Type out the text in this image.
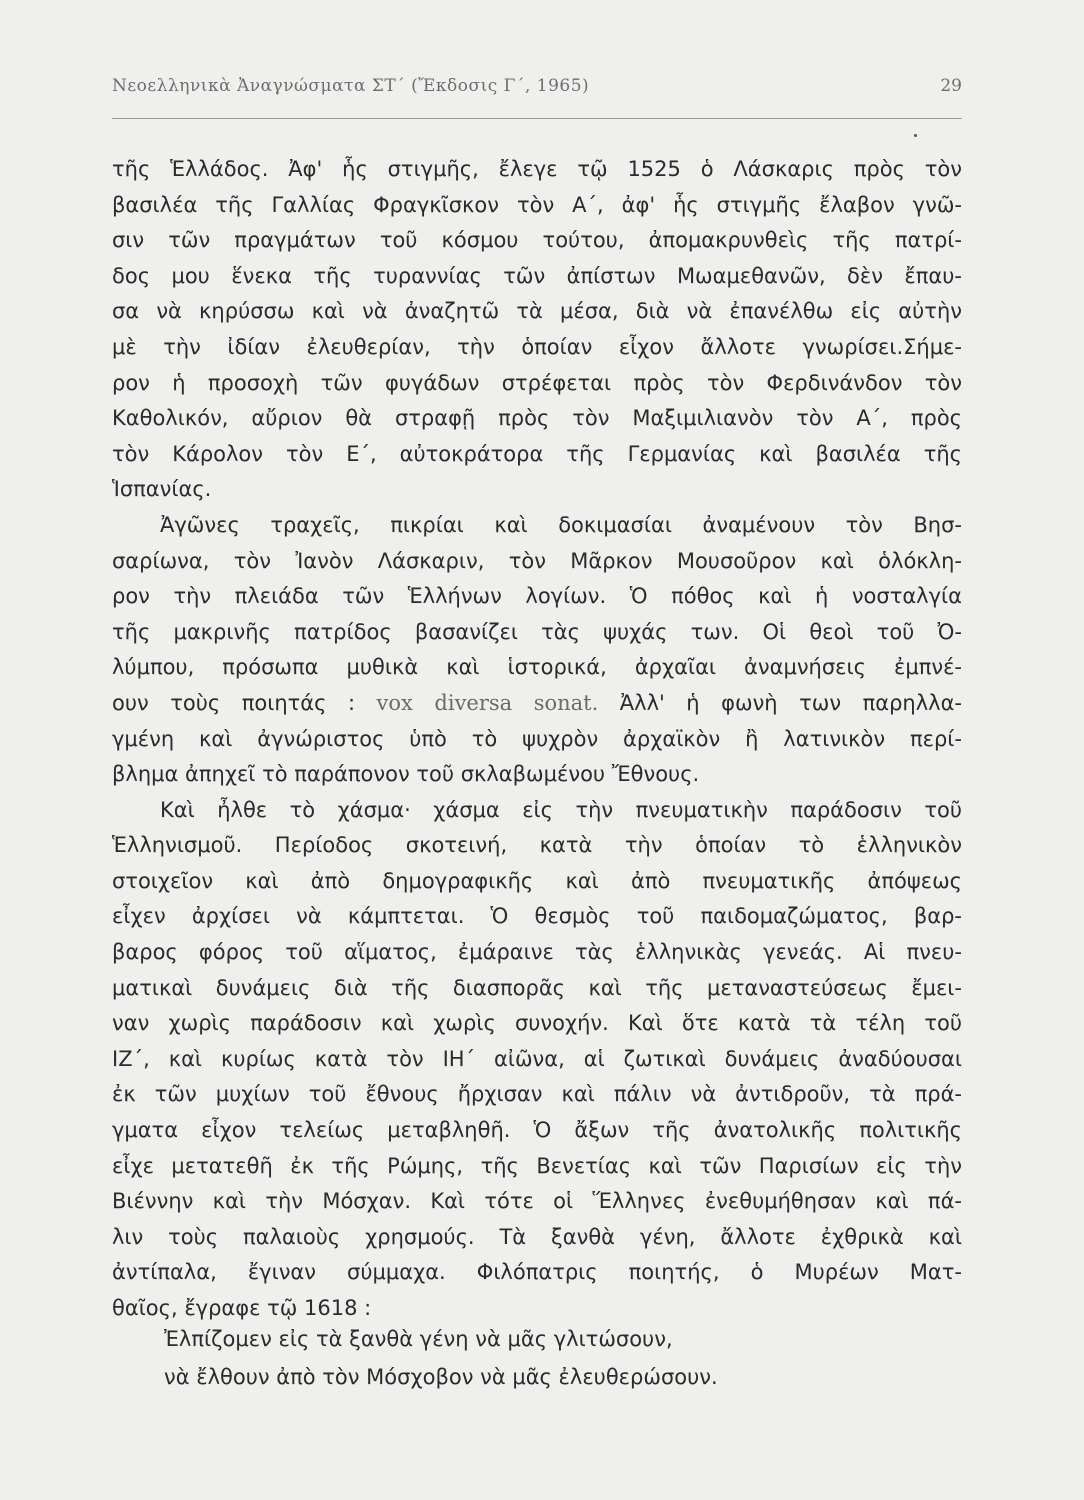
Νεοελληνικὰ Ἀναγνώσματα ΣΤ΄ (Ἔκδοσις Γ΄, 1965)	29
τῆς Ἑλλάδος. Ἀφ' ἧς στιγμῆς, ἔλεγε τῷ 1525 ὁ Λάσκαρις πρὸς τὸν
βασιλέα τῆς Γαλλίας Φραγκῖσκον τὸν Α΄, ἀφ' ἧς στιγμῆς ἔλαβον γνῶ-
σιν τῶν πραγμάτων τοῦ κόσμου τούτου, ἀπομακρυνθεὶς τῆς πατρί-
δος μου ἕνεκα τῆς τυραννίας τῶν ἀπίστων Μωαμεθανῶν, δὲν ἔπαυ-
σα νὰ κηρύσσω καὶ νὰ ἀναζητῶ τὰ μέσα, διὰ νὰ ἐπανέλθω εἰς αὐτὴν
μὲ τὴν ἰδίαν ἐλευθερίαν, τὴν ὁποίαν εἶχον ἄλλοτε γνωρίσει.Σήμε-
ρον ἡ προσοχὴ τῶν φυγάδων στρέφεται πρὸς τὸν Φερδινάνδον τὸν
Καθολικόν, αὔριον θὰ στραφῇ πρὸς τὸν Μαξιμιλιανὸν τὸν Α΄, πρὸς
τὸν Κάρολον τὸν Ε΄, αὐτοκράτορα τῆς Γερμανίας καὶ βασιλέα τῆς
Ἱσπανίας.
Ἀγῶνες τραχεῖς, πικρίαι καὶ δοκιμασίαι ἀναμένουν τὸν Βησ-
σαρίωνα, τὸν Ἰανὸν Λάσκαριν, τὸν Μᾶρκον Μουσοῦρον καὶ ὁλόκλη-
ρον τὴν πλειάδα τῶν Ἑλλήνων λογίων. Ὁ πόθος καὶ ἡ νοσταλγία
τῆς μακρινῆς πατρίδος βασανίζει τὰς ψυχάς των. Οἱ θεοὶ τοῦ Ὀ-
λύμπου, πρόσωπα μυθικὰ καὶ ἱστορικά, ἀρχαῖαι ἀναμνήσεις ἐμπνέ-
ουν τοὺς ποιητάς : vox diversa sonat. Ἀλλ' ἡ φωνὴ των παρηλλα-
γμένη καὶ ἀγνώριστος ὑπὸ τὸ ψυχρὸν ἀρχαϊκὸν ἢ λατινικὸν περί-
βλημα ἀπηχεῖ τὸ παράπονον τοῦ σκλαβωμένου Ἔθνους.
Καὶ ἦλθε τὸ χάσμα· χάσμα εἰς τὴν πνευματικὴν παράδοσιν τοῦ
Ἑλληνισμοῦ. Περίοδος σκοτεινή, κατὰ τὴν ὁποίαν τὸ ἑλληνικὸν
στοιχεῖον καὶ ἀπὸ δημογραφικῆς καὶ ἀπὸ πνευματικῆς ἀπόψεως
εἶχεν ἀρχίσει νὰ κάμπτεται. Ὁ θεσμὸς τοῦ παιδομαζώματος, βαρ-
βαρος φόρος τοῦ αἵματος, ἐμάραινε τὰς ἑλληνικὰς γενεάς. Αἱ πνευ-
ματικαὶ δυνάμεις διὰ τῆς διασπορᾶς καὶ τῆς μεταναστεύσεως ἔμει-
ναν χωρὶς παράδοσιν καὶ χωρὶς συνοχήν. Καὶ ὅτε κατὰ τὰ τέλη τοῦ
ΙΖ΄, καὶ κυρίως κατὰ τὸν ΙΗ΄ αἰῶνα, αἱ ζωτικαὶ δυνάμεις ἀναδύουσαι
ἐκ τῶν μυχίων τοῦ ἔθνους ἤρχισαν καὶ πάλιν νὰ ἀντιδροῦν, τὰ πρά-
γματα εἶχον τελείως μεταβληθῆ. Ὁ ἄξων τῆς ἀνατολικῆς πολιτικῆς
εἶχε μετατεθῆ ἐκ τῆς Ρώμης, τῆς Βενετίας καὶ τῶν Παρισίων εἰς τὴν
Βιέννην καὶ τὴν Μόσχαν. Καὶ τότε οἱ Ἕλληνες ἐνεθυμήθησαν καὶ πά-
λιν τοὺς παλαιοὺς χρησμούς. Τὰ ξανθὰ γένη, ἄλλοτε ἐχθρικὰ καὶ
ἀντίπαλα, ἔγιναν σύμμαχα. Φιλόπατρις ποιητής, ὁ Μυρέων Ματ-
θαῖος, ἔγραφε τῷ 1618 :
Ἐλπίζομεν εἰς τὰ ξανθὰ γένη νὰ μᾶς γλιτώσουν,
νὰ ἔλθουν ἀπὸ τὸν Μόσχοβον νὰ μᾶς ἐλευθερώσουν.
